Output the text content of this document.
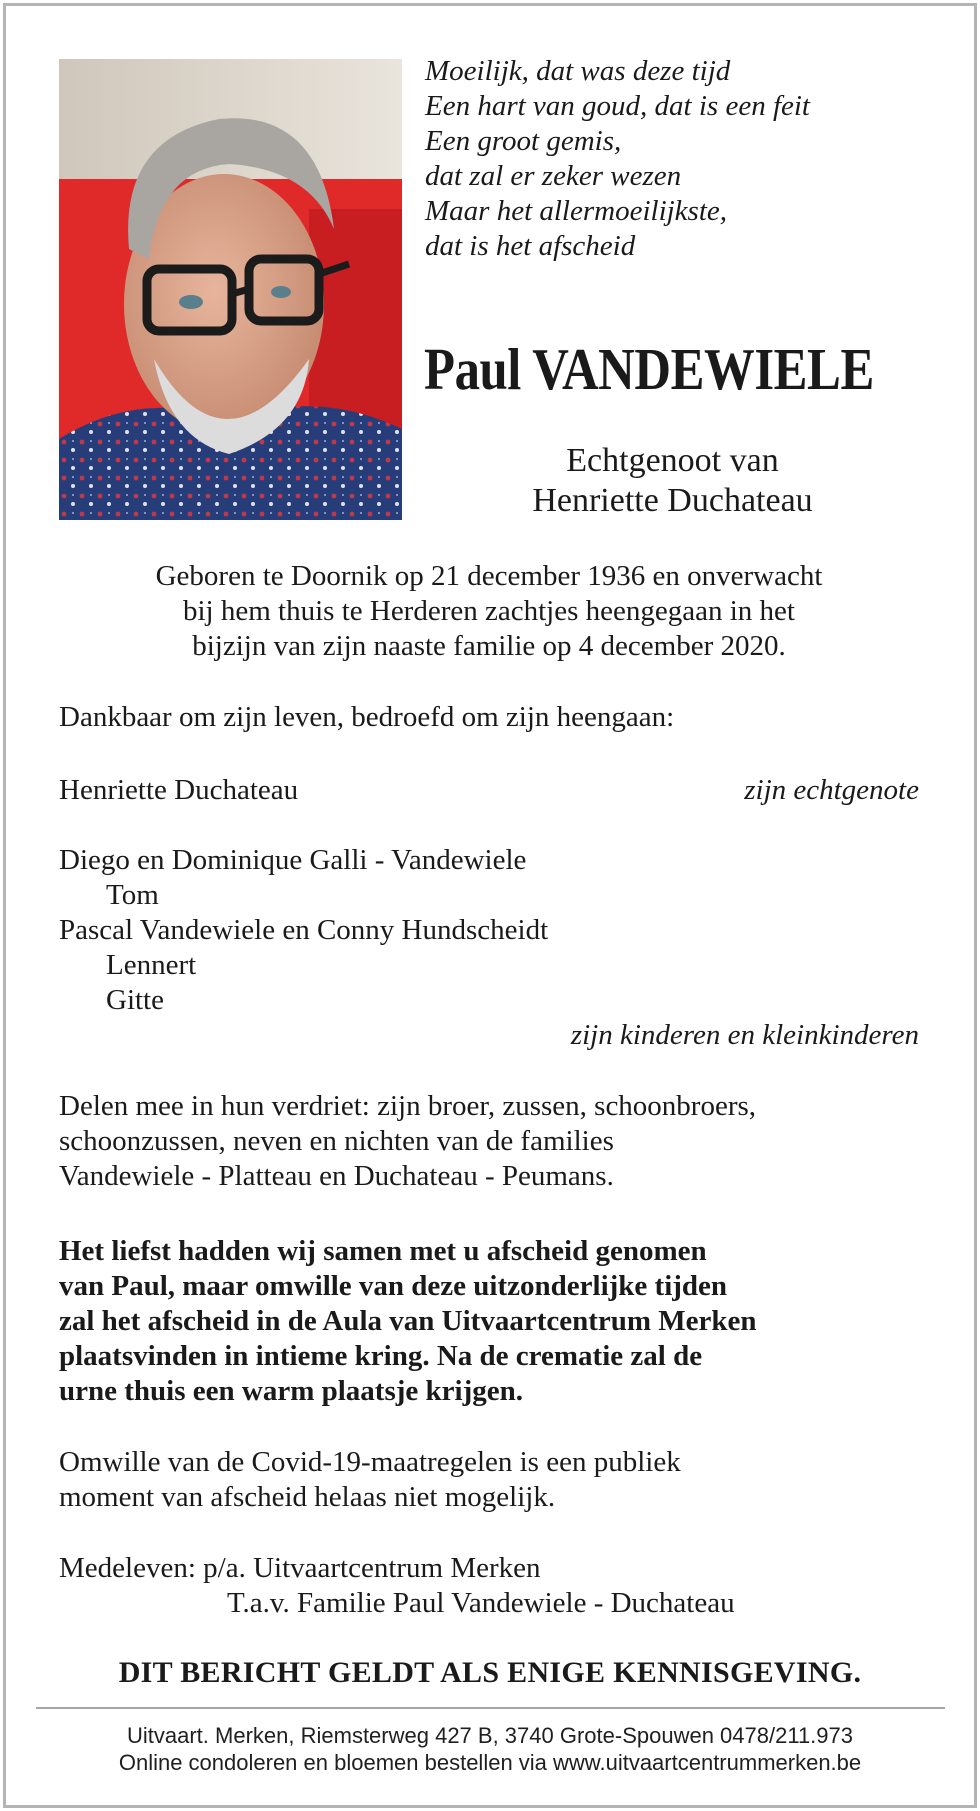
Moeilijk, dat was deze tijd
Een hart van goud, dat is een feit
Een groot gemis,
dat zal er zeker wezen
Maar het allermoeilijkste,
dat is het afscheid
Paul VANDEWIELE
Echtgenoot van
Henriette Duchateau
Geboren te Doornik op 21 december 1936 en onverwacht
bij hem thuis te Herderen zachtjes heengegaan in het
bijzijn van zijn naaste familie op 4 december 2020.
Dankbaar om zijn leven, bedroefd om zijn heengaan:
Henriette Duchateau	zijn echtgenote
Diego en Dominique Galli - Vandewiele
Tom
Pascal Vandewiele en Conny Hundscheidt
Lennert
Gitte
zijn kinderen en kleinkinderen
Delen mee in hun verdriet: zijn broer, zussen, schoonbroers,
schoonzussen, neven en nichten van de families
Vandewiele - Platteau en Duchateau - Peumans.
Het liefst hadden wij samen met u afscheid genomen
van Paul, maar omwille van deze uitzonderlijke tijden
zal het afscheid in de Aula van Uitvaartcentrum Merken
plaatsvinden in intieme kring. Na de crematie zal de
urne thuis een warm plaatsje krijgen.
Omwille van de Covid-19-maatregelen is een publiek
moment van afscheid helaas niet mogelijk.
Medeleven: p/a. Uitvaartcentrum Merken
T.a.v. Familie Paul Vandewiele - Duchateau
DIT BERICHT GELDT ALS ENIGE KENNISGEVING.
Uitvaart. Merken, Riemsterweg 427 B, 3740 Grote-Spouwen 0478/211.973
Online condoleren en bloemen bestellen via www.uitvaartcentrummerken.be
